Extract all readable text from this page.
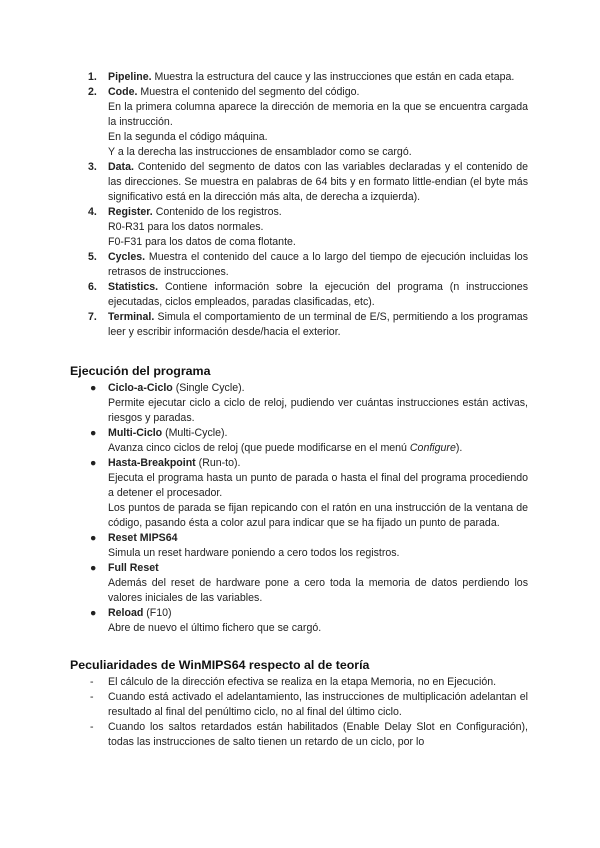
1. Pipeline. Muestra la estructura del cauce y las instrucciones que están en cada etapa.
2. Code. Muestra el contenido del segmento del código.
En la primera columna aparece la dirección de memoria en la que se encuentra cargada la instrucción.
En la segunda el código máquina.
Y a la derecha las instrucciones de ensamblador como se cargó.
3. Data. Contenido del segmento de datos con las variables declaradas y el contenido de las direcciones. Se muestra en palabras de 64 bits y en formato little-endian (el byte más significativo está en la dirección más alta, de derecha a izquierda).
4. Register. Contenido de los registros.
R0-R31 para los datos normales.
F0-F31 para los datos de coma flotante.
5. Cycles. Muestra el contenido del cauce a lo largo del tiempo de ejecución incluidas los retrasos de instrucciones.
6. Statistics. Contiene información sobre la ejecución del programa (n instrucciones ejecutadas, ciclos empleados, paradas clasificadas, etc).
7. Terminal. Simula el comportamiento de un terminal de E/S, permitiendo a los programas leer y escribir información desde/hacia el exterior.
Ejecución del programa
● Ciclo-a-Ciclo (Single Cycle).
Permite ejecutar ciclo a ciclo de reloj, pudiendo ver cuántas instrucciones están activas, riesgos y paradas.
● Multi-Ciclo (Multi-Cycle).
Avanza cinco ciclos de reloj (que puede modificarse en el menú Configure).
● Hasta-Breakpoint (Run-to).
Ejecuta el programa hasta un punto de parada o hasta el final del programa procediendo a detener el procesador.
Los puntos de parada se fijan repicando con el ratón en una instrucción de la ventana de código, pasando ésta a color azul para indicar que se ha fijado un punto de parada.
● Reset MIPS64
Simula un reset hardware poniendo a cero todos los registros.
● Full Reset
Además del reset de hardware pone a cero toda la memoria de datos perdiendo los valores iniciales de las variables.
● Reload (F10)
Abre de nuevo el último fichero que se cargó.
Peculiaridades de WinMIPS64 respecto al de teoría
- El cálculo de la dirección efectiva se realiza en la etapa Memoria, no en Ejecución.
- Cuando está activado el adelantamiento, las instrucciones de multiplicación adelantan el resultado al final del penúltimo ciclo, no al final del último ciclo.
- Cuando los saltos retardados están habilitados (Enable Delay Slot en Configuración), todas las instrucciones de salto tienen un retardo de un ciclo, por lo
